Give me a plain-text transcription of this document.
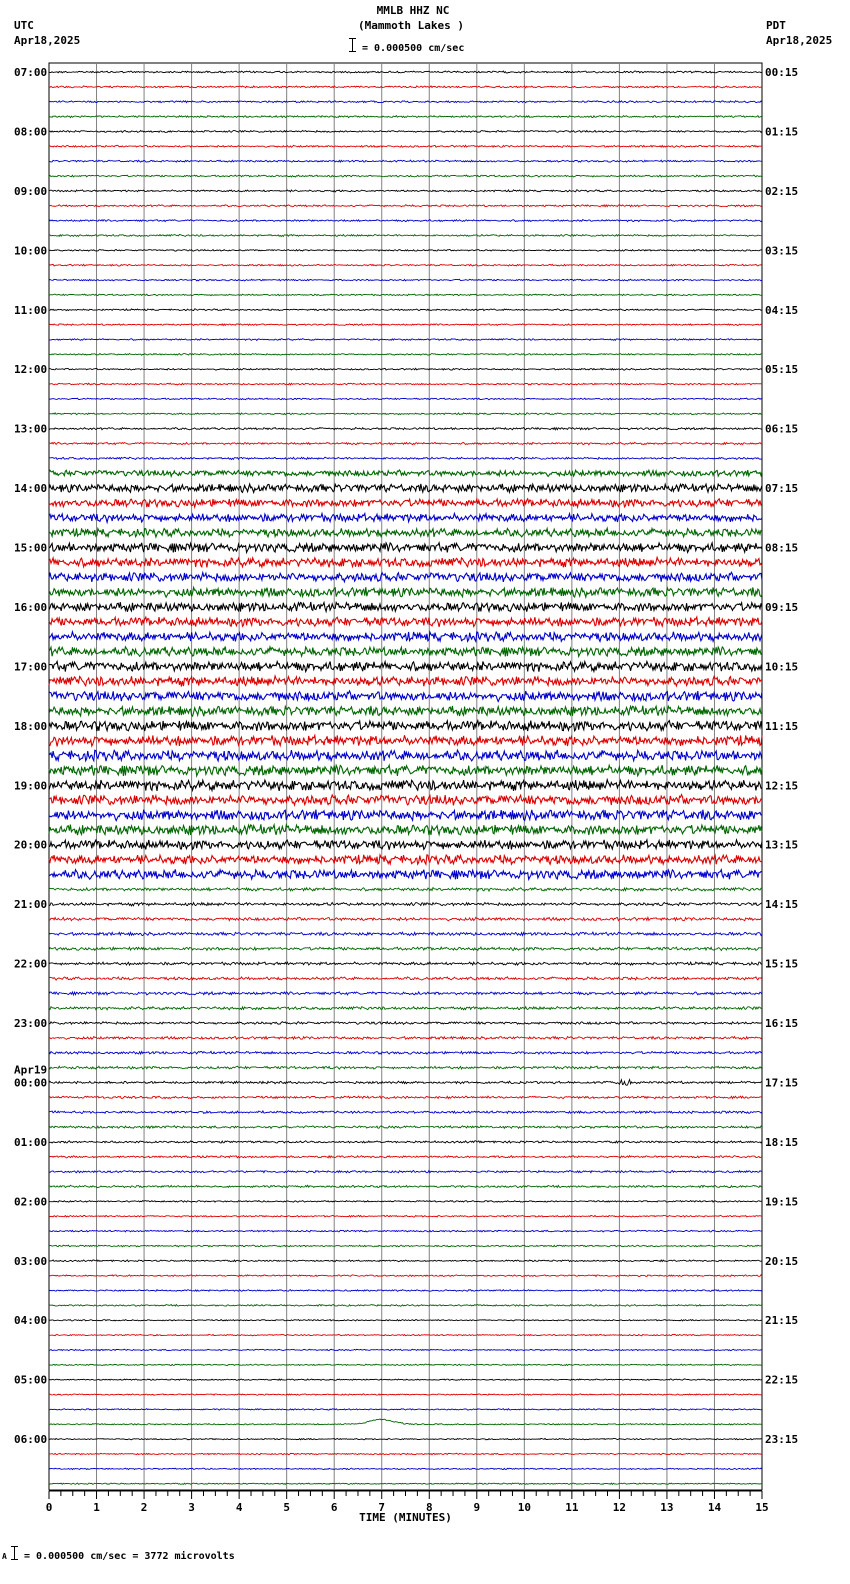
MMLB HHZ NC
(Mammoth Lakes )
= 0.000500 cm/sec
UTC
Apr18,2025
PDT
Apr18,2025
0	1	2	3	4	5	6	7	8	9	10	11	12	13	14	15
TIME (MINUTES)
07:00
08:00
09:00
10:00
11:00
12:00
13:00
14:00
15:00
16:00
17:00
18:00
19:00
20:00
21:00
22:00
23:00
00:00
Apr19
01:00
02:00
03:00
04:00
05:00
06:00
00:15
01:15
02:15
03:15
04:15
05:15
06:15
07:15
08:15
09:15
10:15
11:15
12:15
13:15
14:15
15:15
16:15
17:15
18:15
19:15
20:15
21:15
22:15
23:15
A = 0.000500 cm/sec = 3772 microvolts
